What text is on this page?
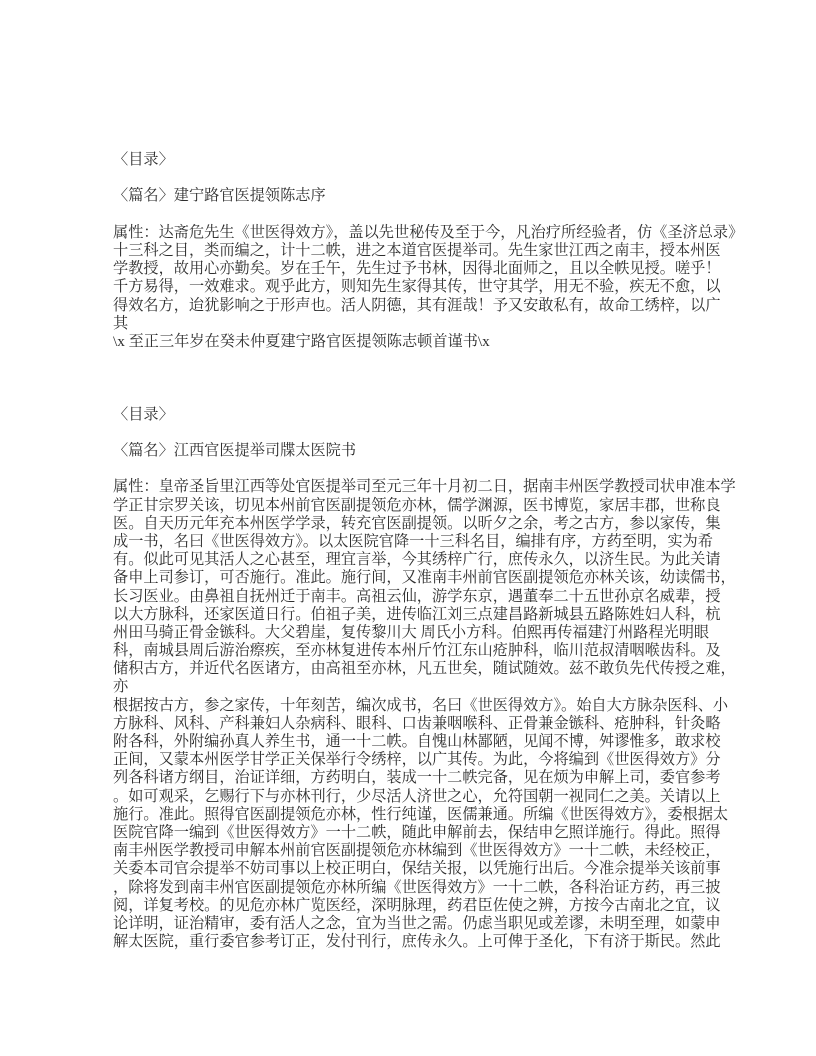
〈目录〉
〈篇名〉建宁路官医提领陈志序
属性：达斋危先生《世医得效方》，盖以先世秘传及至于今，凡治疗所经验者，仿《圣济总录》
十三科之目，类而编之，计十二帙，进之本道官医提举司。先生家世江西之南丰，授本州医
学教授，故用心亦勤矣。岁在壬午，先生过予书林，因得北面师之，且以全帙见授。嗟乎！
千方易得，一效难求。观乎此方，则知先生家得其传，世守其学，用无不验，疾无不愈，以
得效名方，迨犹影响之于形声也。活人阴德，其有涯哉！予又安敢私有，故命工绣梓，以广
其
\x 至正三年岁在癸未仲夏建宁路官医提领陈志顿首谨书\x
〈目录〉
〈篇名〉江西官医提举司牒太医院书
属性：皇帝圣旨里江西等处官医提举司至元三年十月初二日，据南丰州医学教授司状申准本学
学正甘宗罗关该，切见本州前官医副提领危亦林，儒学渊源，医书博览，家居丰郡，世称良
医。自天历元年充本州医学学录，转充官医副提领。以昕夕之余，考之古方，参以家传，集
成一书，名曰《世医得效方》。以太医院官降一十三科名目，编排有序，方药至明，实为希
有。似此可见其活人之心甚至，理宜言举，今其绣梓广行，庶传永久，以济生民。为此关请
备申上司参订，可否施行。准此。施行间，又准南丰州前官医副提领危亦林关该，幼读儒书，
长习医业。由鼻祖自抚州迁于南丰。高祖云仙，游学东京，遇董奉二十五世孙京名威辈，授
以大方脉科，还家医道日行。伯祖子美，进传临江刘三点建昌路新城县五路陈姓妇人科，杭
州田马骑正骨金镞科。大父碧崖，复传黎川大 周氏小方科。伯熙再传福建汀州路程光明眼
科，南城县周后游治瘵疾，至亦林复进传本州斤竹江东山疮肿科，临川范叔清咽喉齿科。及
储积古方，并近代名医诸方，由高祖至亦林，凡五世矣，随试随效。兹不敢负先代传授之难，
亦
根据按古方，参之家传，十年刻苦，编次成书，名曰《世医得效方》。始自大方脉杂医科、小
方脉科、风科、产科兼妇人杂病科、眼科、口齿兼咽喉科、正骨兼金镞科、疮肿科，针灸略
附各科，外附编孙真人养生书，通一十二帙。自愧山林鄙陋，见闻不博，舛谬惟多，敢求校
正间，又蒙本州医学甘学正关保举行令绣梓，以广其传。为此，今将编到《世医得效方》分
列各科诸方纲目，治证详细，方药明白，装成一十二帙完备，见在烦为申解上司，委官参考
。如可观采，乞赐行下与亦林刊行，少尽活人济世之心，允符国朝一视同仁之美。关请以上
施行。准此。照得官医副提领危亦林，性行纯谨，医儒兼通。所编《世医得效方》，委根据太
医院官降一编到《世医得效方》一十二帙，随此申解前去，保结申乞照详施行。得此。照得
南丰州医学教授司申解本州前官医副提领危亦林编到《世医得效方》一十二帙，未经校正，
关委本司官佘提举不妨司事以上校正明白，保结关报，以凭施行出后。今准佘提举关该前事
，除将发到南丰州官医副提领危亦林所编《世医得效方》一十二帙，各科治证方药，再三披
阅，详复考校。的见危亦林广览医经，深明脉理，药君臣佐使之辨，方按今古南北之宜，议
论详明，证治精审，委有活人之念，宜为当世之需。仍虑当职见或差谬，未明至理，如蒙申
解太医院，重行委官参考订正，发付刊行，庶传永久。上可俾于圣化，下有济于斯民。然此
